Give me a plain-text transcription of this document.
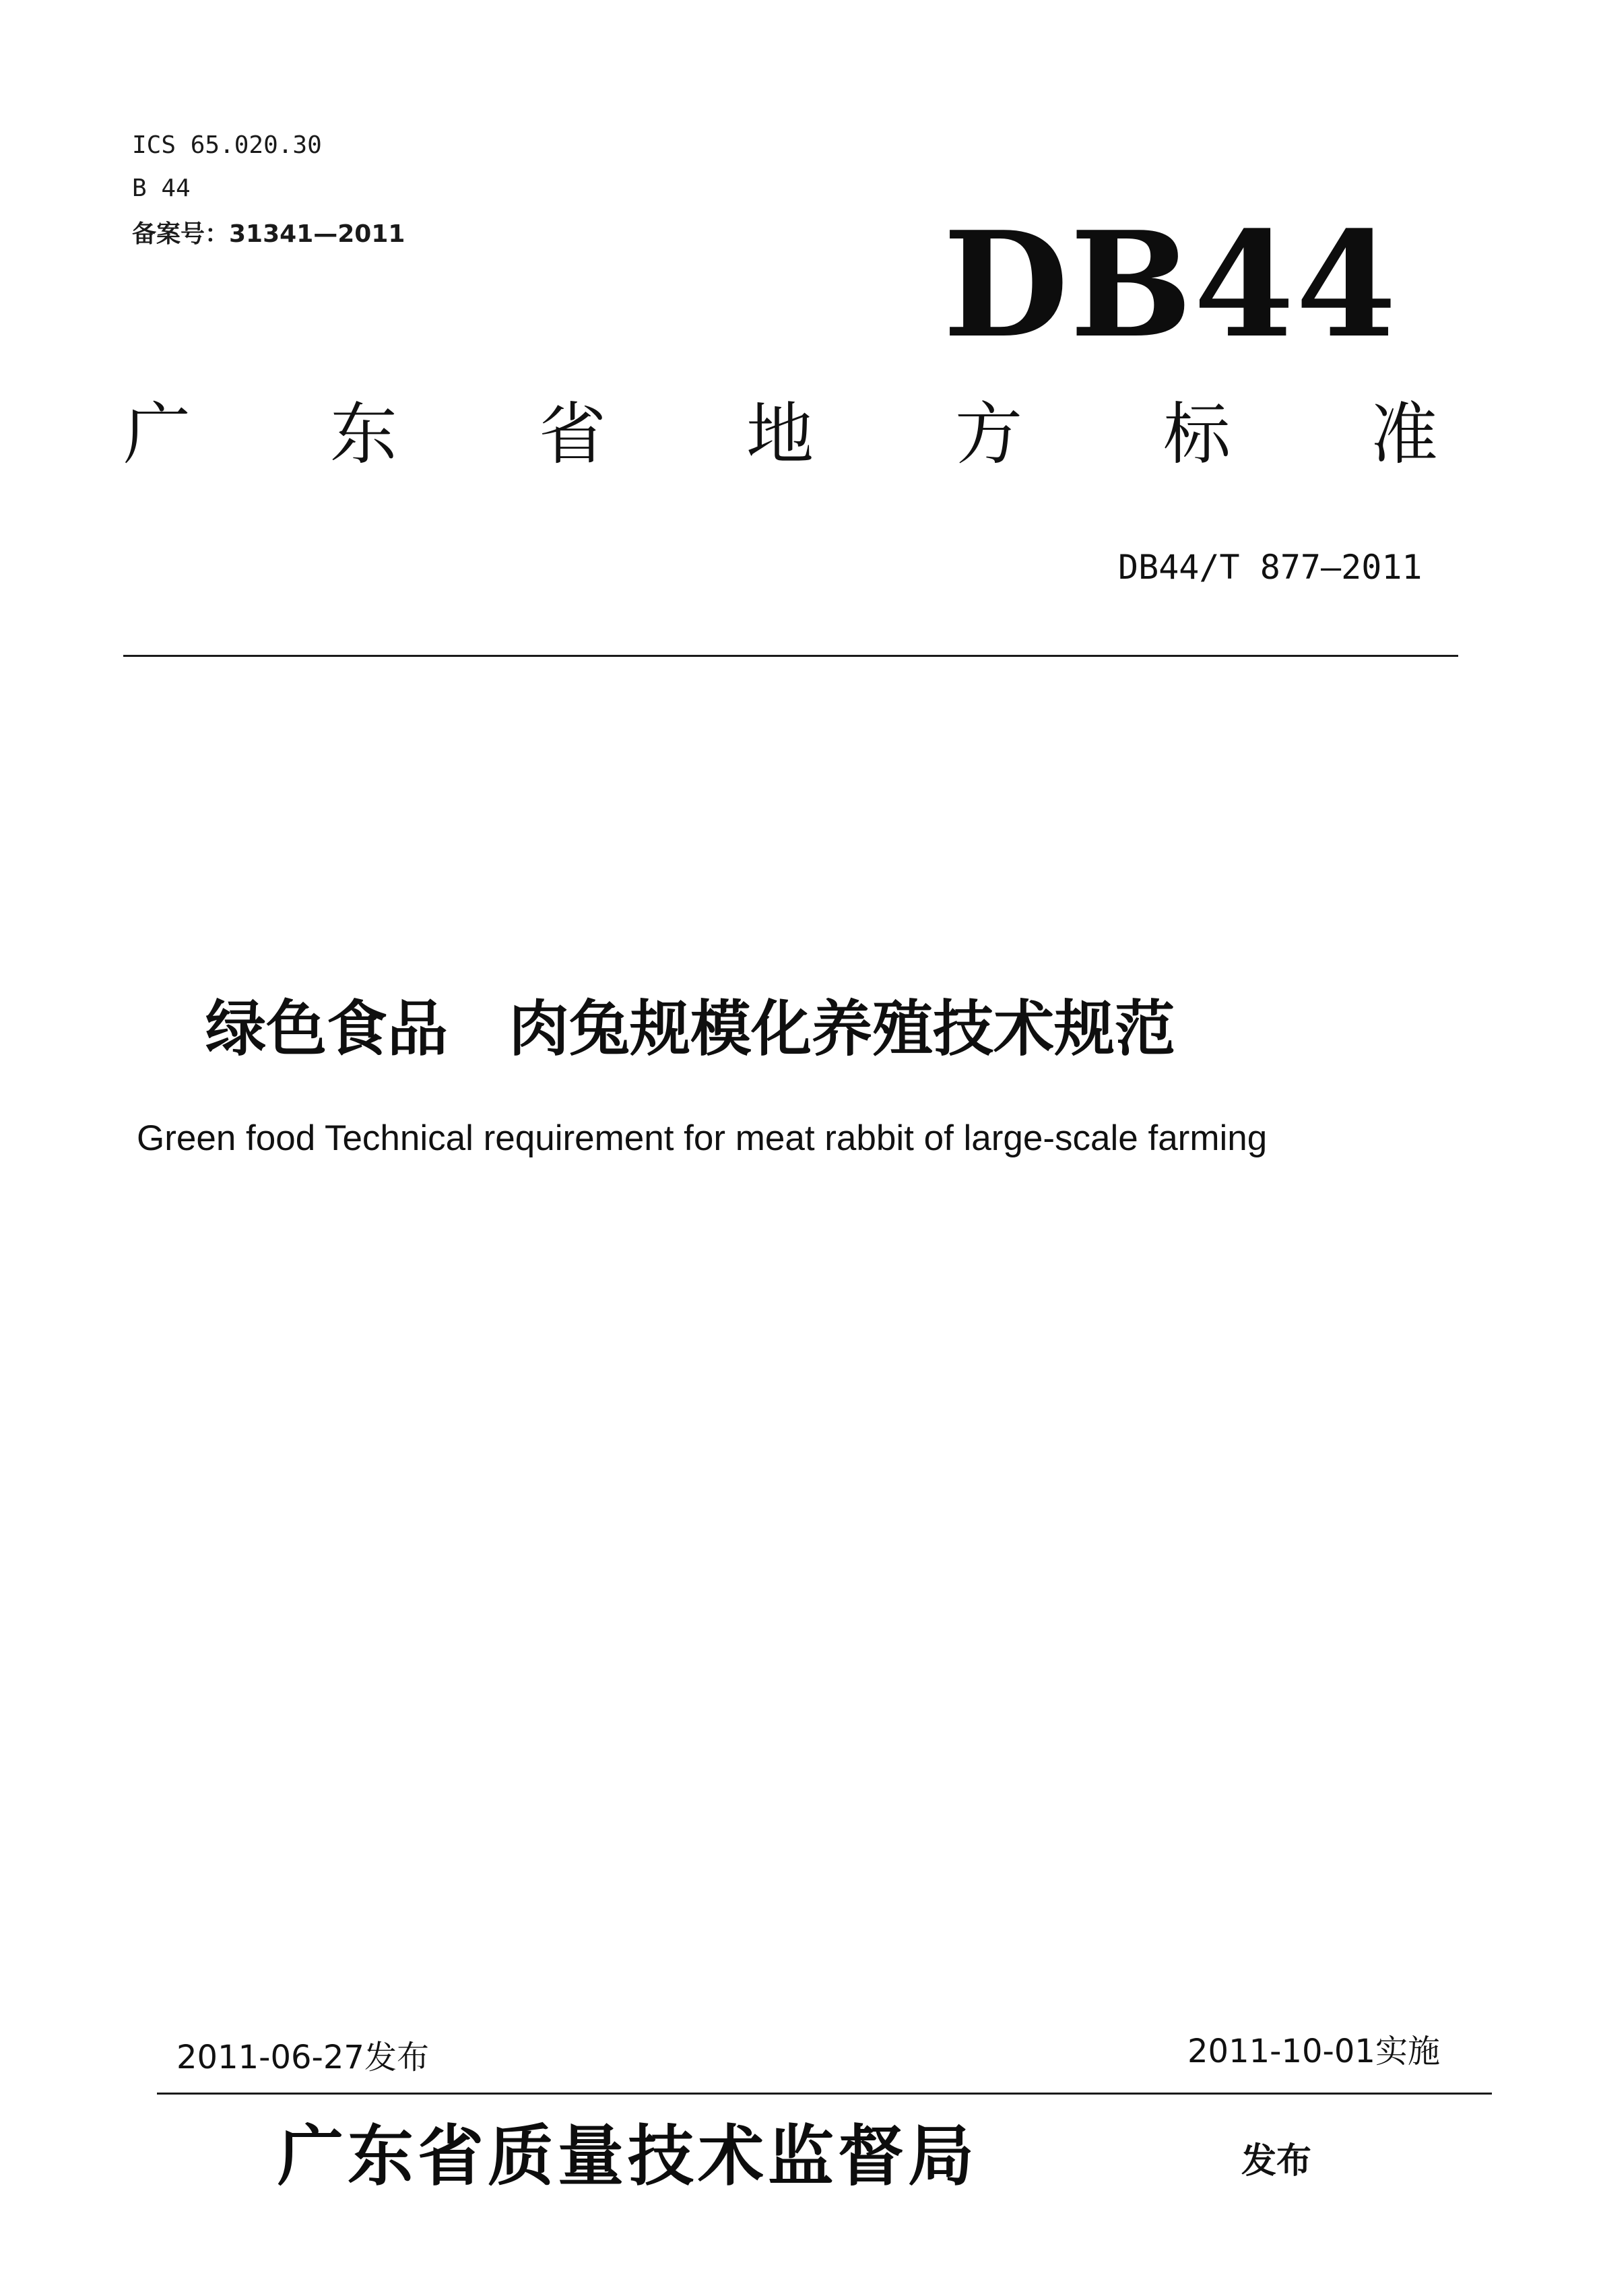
ICS 65.020.30
B 44
备案号：31341—2011	DB44
广 东 省 地 方 标 准
DB44/T 877—2011
绿色食品　肉兔规模化养殖技术规范
Green food Technical requirement for meat rabbit of large-scale farming
2011-06-27发布	2011-10-01实施
广东省质量技术监督局	发布
